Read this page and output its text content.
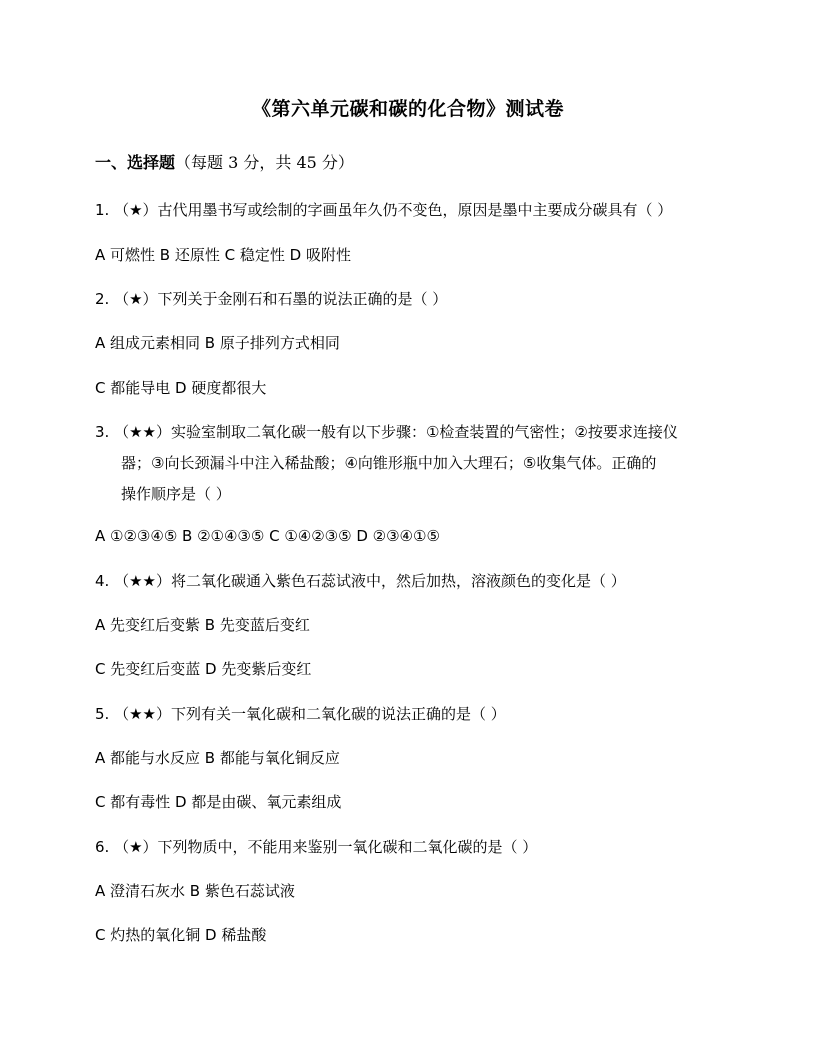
《第六单元碳和碳的化合物》测试卷
一、选择题（每题 3 分，共 45 分）
1. （★）古代用墨书写或绘制的字画虽年久仍不变色，原因是墨中主要成分碳具有（ ）
A 可燃性 B 还原性 C 稳定性 D 吸附性
2. （★）下列关于金刚石和石墨的说法正确的是（ ）
A 组成元素相同 B 原子排列方式相同
C 都能导电 D 硬度都很大
3. （★★）实验室制取二氧化碳一般有以下步骤：①检查装置的气密性；②按要求连接仪
器；③向长颈漏斗中注入稀盐酸；④向锥形瓶中加入大理石；⑤收集气体。正确的
操作顺序是（ ）
A ①②③④⑤ B ②①④③⑤ C ①④②③⑤ D ②③④①⑤
4. （★★）将二氧化碳通入紫色石蕊试液中，然后加热，溶液颜色的变化是（ ）
A 先变红后变紫 B 先变蓝后变红
C 先变红后变蓝 D 先变紫后变红
5. （★★）下列有关一氧化碳和二氧化碳的说法正确的是（ ）
A 都能与水反应 B 都能与氧化铜反应
C 都有毒性 D 都是由碳、氧元素组成
6. （★）下列物质中，不能用来鉴别一氧化碳和二氧化碳的是（ ）
A 澄清石灰水 B 紫色石蕊试液
C 灼热的氧化铜 D 稀盐酸
